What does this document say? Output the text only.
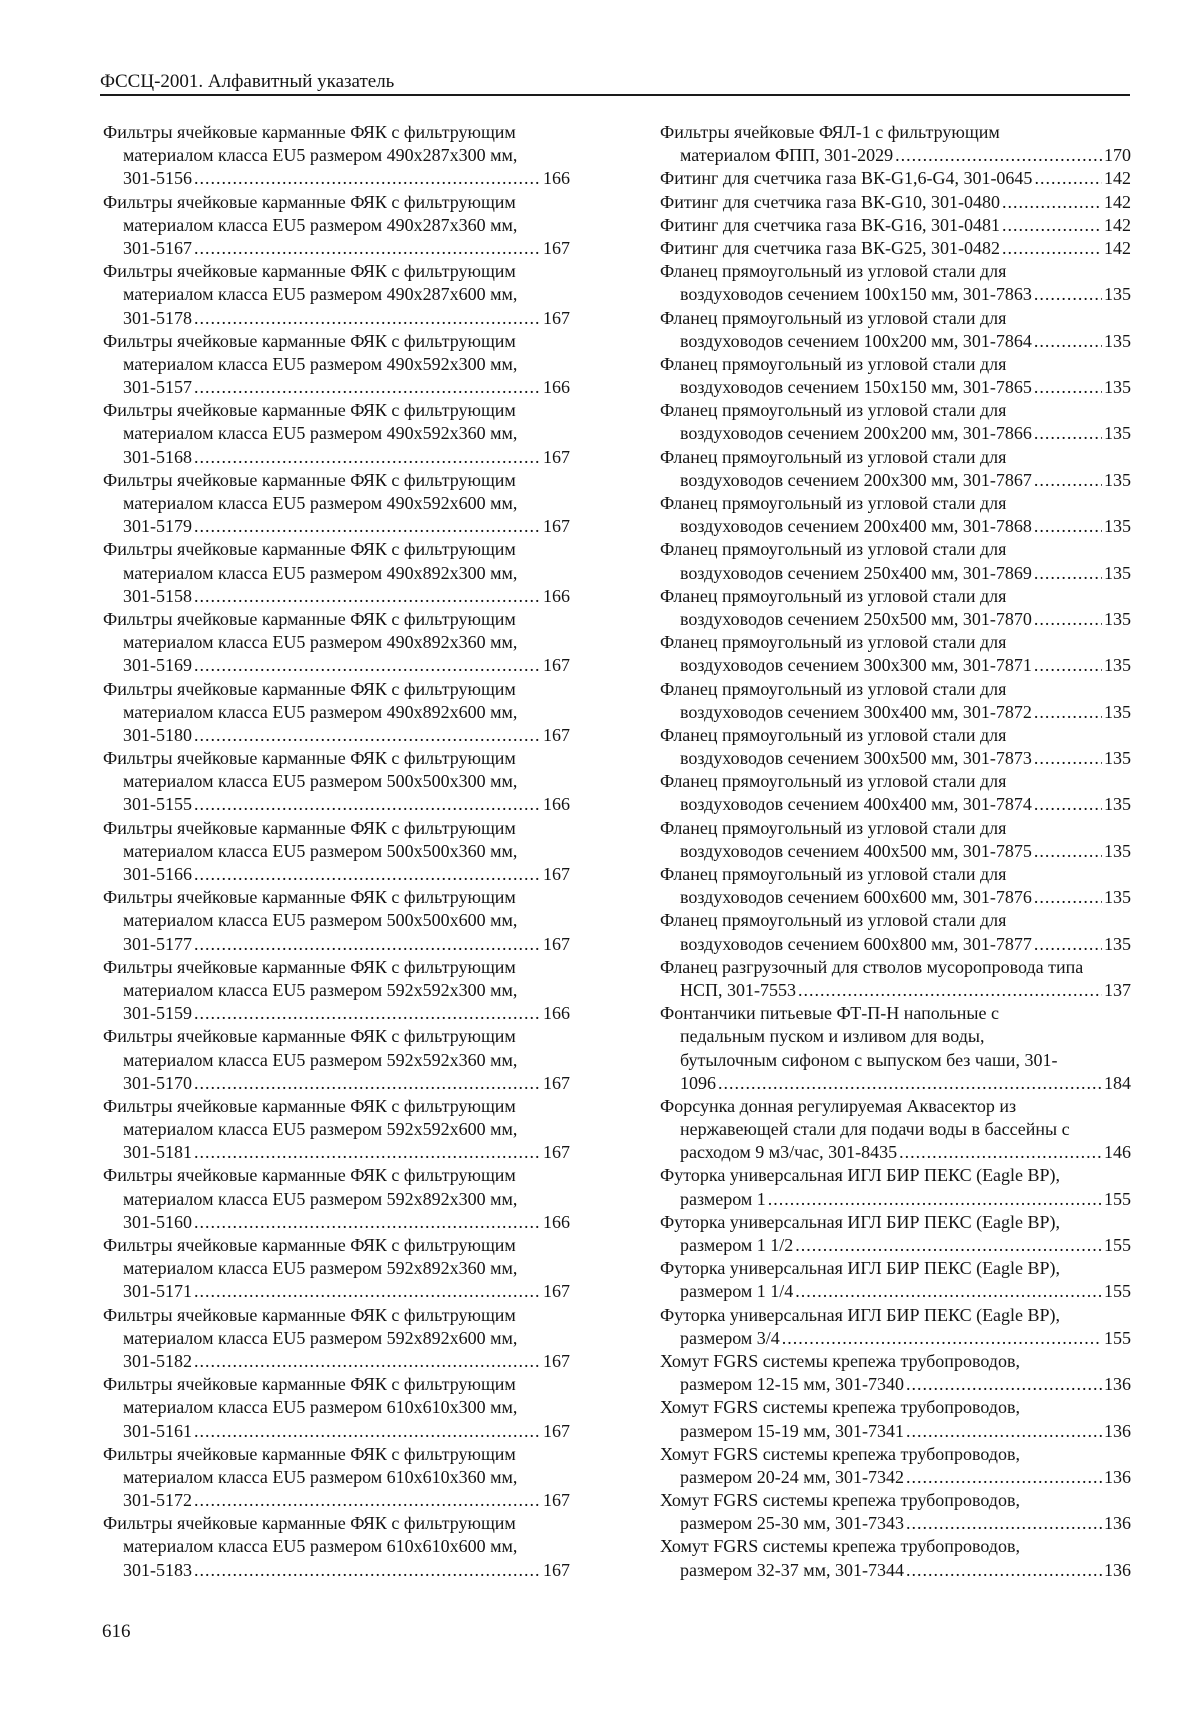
ФССЦ-2001. Алфавитный указатель
Фильтры ячейковые карманные ФЯК с фильтрующим
материалом класса EU5 размером 490x287x300 мм,
301-5156 .....	166
Фильтры ячейковые карманные ФЯК с фильтрующим
материалом класса EU5 размером 490x287x360 мм,
301-5167 .....	167
Фильтры ячейковые карманные ФЯК с фильтрующим
материалом класса EU5 размером 490x287x600 мм,
301-5178 .....	167
Фильтры ячейковые карманные ФЯК с фильтрующим
материалом класса EU5 размером 490x592x300 мм,
301-5157 .....	166
Фильтры ячейковые карманные ФЯК с фильтрующим
материалом класса EU5 размером 490x592x360 мм,
301-5168 .....	167
Фильтры ячейковые карманные ФЯК с фильтрующим
материалом класса EU5 размером 490x592x600 мм,
301-5179 .....	167
Фильтры ячейковые карманные ФЯК с фильтрующим
материалом класса EU5 размером 490x892x300 мм,
301-5158 .....	166
Фильтры ячейковые карманные ФЯК с фильтрующим
материалом класса EU5 размером 490x892x360 мм,
301-5169 .....	167
Фильтры ячейковые карманные ФЯК с фильтрующим
материалом класса EU5 размером 490x892x600 мм,
301-5180 .....	167
Фильтры ячейковые карманные ФЯК с фильтрующим
материалом класса EU5 размером 500x500x300 мм,
301-5155 .....	166
Фильтры ячейковые карманные ФЯК с фильтрующим
материалом класса EU5 размером 500x500x360 мм,
301-5166 .....	167
Фильтры ячейковые карманные ФЯК с фильтрующим
материалом класса EU5 размером 500x500x600 мм,
301-5177 .....	167
Фильтры ячейковые карманные ФЯК с фильтрующим
материалом класса EU5 размером 592x592x300 мм,
301-5159 .....	166
Фильтры ячейковые карманные ФЯК с фильтрующим
материалом класса EU5 размером 592x592x360 мм,
301-5170 .....	167
Фильтры ячейковые карманные ФЯК с фильтрующим
материалом класса EU5 размером 592x592x600 мм,
301-5181 .....	167
Фильтры ячейковые карманные ФЯК с фильтрующим
материалом класса EU5 размером 592x892x300 мм,
301-5160 .....	166
Фильтры ячейковые карманные ФЯК с фильтрующим
материалом класса EU5 размером 592x892x360 мм,
301-5171 .....	167
Фильтры ячейковые карманные ФЯК с фильтрующим
материалом класса EU5 размером 592x892x600 мм,
301-5182 .....	167
Фильтры ячейковые карманные ФЯК с фильтрующим
материалом класса EU5 размером 610x610x300 мм,
301-5161 .....	167
Фильтры ячейковые карманные ФЯК с фильтрующим
материалом класса EU5 размером 610x610x360 мм,
301-5172 .....	167
Фильтры ячейковые карманные ФЯК с фильтрующим
материалом класса EU5 размером 610x610x600 мм,
301-5183 .....	167
Фильтры ячейковые ФЯЛ-1 с фильтрующим
материалом ФПП, 301-2029 .....	170
Фитинг для счетчика газа ВК-G1,6-G4, 301-0645 .....	142
Фитинг для счетчика газа ВК-G10, 301-0480 .....	142
Фитинг для счетчика газа ВК-G16, 301-0481 .....	142
Фитинг для счетчика газа ВК-G25, 301-0482 .....	142
Фланец прямоугольный из угловой стали для
воздуховодов сечением 100x150 мм, 301-7863 .....	135
Фланец прямоугольный из угловой стали для
воздуховодов сечением 100x200 мм, 301-7864 .....	135
Фланец прямоугольный из угловой стали для
воздуховодов сечением 150x150 мм, 301-7865 .....	135
Фланец прямоугольный из угловой стали для
воздуховодов сечением 200x200 мм, 301-7866 .....	135
Фланец прямоугольный из угловой стали для
воздуховодов сечением 200x300 мм, 301-7867 .....	135
Фланец прямоугольный из угловой стали для
воздуховодов сечением 200x400 мм, 301-7868 .....	135
Фланец прямоугольный из угловой стали для
воздуховодов сечением 250x400 мм, 301-7869 .....	135
Фланец прямоугольный из угловой стали для
воздуховодов сечением 250x500 мм, 301-7870 .....	135
Фланец прямоугольный из угловой стали для
воздуховодов сечением 300x300 мм, 301-7871 .....	135
Фланец прямоугольный из угловой стали для
воздуховодов сечением 300x400 мм, 301-7872 .....	135
Фланец прямоугольный из угловой стали для
воздуховодов сечением 300x500 мм, 301-7873 .....	135
Фланец прямоугольный из угловой стали для
воздуховодов сечением 400x400 мм, 301-7874 .....	135
Фланец прямоугольный из угловой стали для
воздуховодов сечением 400x500 мм, 301-7875 .....	135
Фланец прямоугольный из угловой стали для
воздуховодов сечением 600x600 мм, 301-7876 .....	135
Фланец прямоугольный из угловой стали для
воздуховодов сечением 600x800 мм, 301-7877 .....	135
Фланец разгрузочный для стволов мусоропровода типа
НСП, 301-7553 .....	137
Фонтанчики питьевые ФТ-П-Н напольные с
педальным пуском и изливом для воды,
бутылочным сифоном с выпуском без чаши, 301-
1096 .....	184
Форсунка донная регулируемая Аквасектор из
нержавеющей стали для подачи воды в бассейны с
расходом 9 м3/час, 301-8435 .....	146
Футорка универсальная ИГЛ БИР ПЕКС (Eagle BP),
размером 1 .....	155
Футорка универсальная ИГЛ БИР ПЕКС (Eagle BP),
размером 1 1/2 .....	155
Футорка универсальная ИГЛ БИР ПЕКС (Eagle BP),
размером 1 1/4 .....	155
Футорка универсальная ИГЛ БИР ПЕКС (Eagle BP),
размером 3/4 .....	155
Хомут FGRS системы крепежа трубопроводов,
размером 12-15 мм, 301-7340 .....	136
Хомут FGRS системы крепежа трубопроводов,
размером 15-19 мм, 301-7341 .....	136
Хомут FGRS системы крепежа трубопроводов,
размером 20-24 мм, 301-7342 .....	136
Хомут FGRS системы крепежа трубопроводов,
размером 25-30 мм, 301-7343 .....	136
Хомут FGRS системы крепежа трубопроводов,
размером 32-37 мм, 301-7344 .....	136
616
